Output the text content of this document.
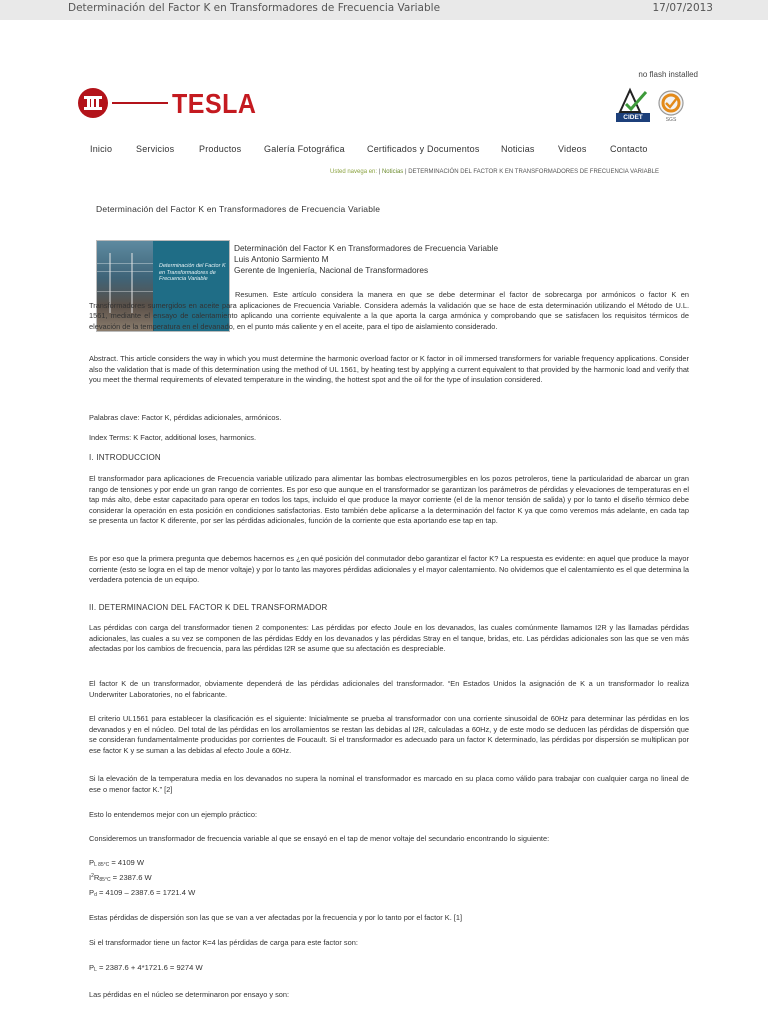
Determinación del Factor K en Transformadores de Frecuencia Variable	17/07/2013
no flash installed
TESLA	CIDET	SGS
Inicio	Servicios	Productos	Galería Fotográfica Certificados y Documentos Noticias	Videos	Contacto
Usted navega en: | Noticias | DETERMINACIÓN DEL FACTOR K EN TRANSFORMADORES DE FRECUENCIA VARIABLE
Determinación del Factor K en Transformadores de Frecuencia Variable
Determinación del Factor K en Transformadores de Frecuencia Variable
Determinación del Factor K en Transformadores de Frecuencia Variable
Luis Antonio Sarmiento M
Gerente de Ingeniería, Nacional de Transformadores
Resumen. Este artículo considera la manera en que se debe determinar el factor de sobrecarga por armónicos o factor K en Transformadores sumergidos en aceite para aplicaciones de Frecuencia Variable. Considera además la validación que se hace de esta determinación utilizando el Método de U.L. 1561, mediante el ensayo de calentamiento aplicando una corriente equivalente a la que aporta la carga armónica y comprobando que se satisfacen los requisitos térmicos de elevación de la temperatura en el devanado, en el punto más caliente y en el aceite, para el tipo de aislamiento considerado.
Abstract. This article considers the way in which you must determine the harmonic overload factor or K factor in oil immersed transformers for variable frequency applications. Consider also the validation that is made of this determination using the method of UL 1561, by heating test by applying a current equivalent to that provided by the harmonic load and verify that you meet the thermal requirements of elevated temperature in the winding, the hottest spot and the oil for the type of insulation considered.
Palabras clave: Factor K, pérdidas adicionales, armónicos.
Index Terms: K Factor, additional loses, harmonics.
I. INTRODUCCION
El transformador para aplicaciones de Frecuencia variable utilizado para alimentar las bombas electrosumergibles en los pozos petroleros, tiene la particularidad de abarcar un gran rango de tensiones y por ende un gran rango de corrientes. Es por eso que aunque en el transformador se garantizan los parámetros de pérdidas y elevaciones de temperaturas en el tap más alto, debe estar capacitado para operar en todos los taps, incluido el que produce la mayor corriente (el de la menor tensión de salida) y por lo tanto el diseño térmico debe considerar la operación en esta posición en condiciones satisfactorias. Esto también debe aplicarse a la determinación del factor K ya que como veremos más adelante, en cada tap se presenta un factor K diferente, por ser las pérdidas adicionales, función de la corriente que esta aportando ese tap en tap.
Es por eso que la primera pregunta que debemos hacernos es ¿en qué posición del conmutador debo garantizar el factor K? La respuesta es evidente: en aquel que produce la mayor corriente (esto se logra en el tap de menor voltaje) y por lo tanto las mayores pérdidas adicionales y el mayor calentamiento. No olvidemos que el calentamiento es el que determina la verdadera potencia de un equipo.
II. DETERMINACION DEL FACTOR K DEL TRANSFORMADOR
Las pérdidas con carga del transformador tienen 2 componentes: Las pérdidas por efecto Joule en los devanados, las cuales comúnmente llamamos I2R y las llamadas pérdidas adicionales, las cuales a su vez se componen de las pérdidas Eddy en los devanados y las pérdidas Stray en el tanque, bridas, etc. Las pérdidas adicionales son las que se ven más afectadas por los cambios de frecuencia, para las pérdidas I2R se asume que su afectación es despreciable.
El factor K de un transformador, obviamente dependerá de las pérdidas adicionales del transformador. “En Estados Unidos la asignación de K a un transformador lo realiza Underwriter Laboratories, no el fabricante.
El criterio UL1561 para establecer la clasificación es el siguiente: Inicialmente se prueba al transformador con una corriente sinusoidal de 60Hz para determinar las pérdidas en los devanados y en el núcleo. Del total de las pérdidas en los arrollamientos se restan las debidas al I2R, calculadas a 60Hz, y de este modo se deducen las pérdidas de dispersión que se consideran fundamentalmente producidas por corrientes de Foucault. Si el transformador es adecuado para un factor K determinado, las pérdidas por dispersión se multiplican por ese factor K y se suman a las debidas al efecto Joule a 60Hz.
Si la elevación de la temperatura media en los devanados no supera la nominal el transformador es marcado en su placa como válido para trabajar con cualquier carga no lineal de ese o menor factor K.” [2]
Esto lo entendemos mejor con un ejemplo práctico:
Consideremos un transformador de frecuencia variable al que se ensayó en el tap de menor voltaje del secundario encontrando lo siguiente:
$P_{L 85^\circ C} = 4109$ W
$I^2R_{85^\circ C} = 2387.6$ W
$P_d = 4109 - 2387.6 = 1721.4$ W
Estas pérdidas de dispersión son las que se van a ver afectadas por la frecuencia y por lo tanto por el factor K. [1]
Si el transformador tiene un factor K=4 las pérdidas de carga para este factor son:
$P_L = 2387.6 + 4*1721.6 = 9274$ W
Las pérdidas en el núcleo se determinaron por ensayo y son:
